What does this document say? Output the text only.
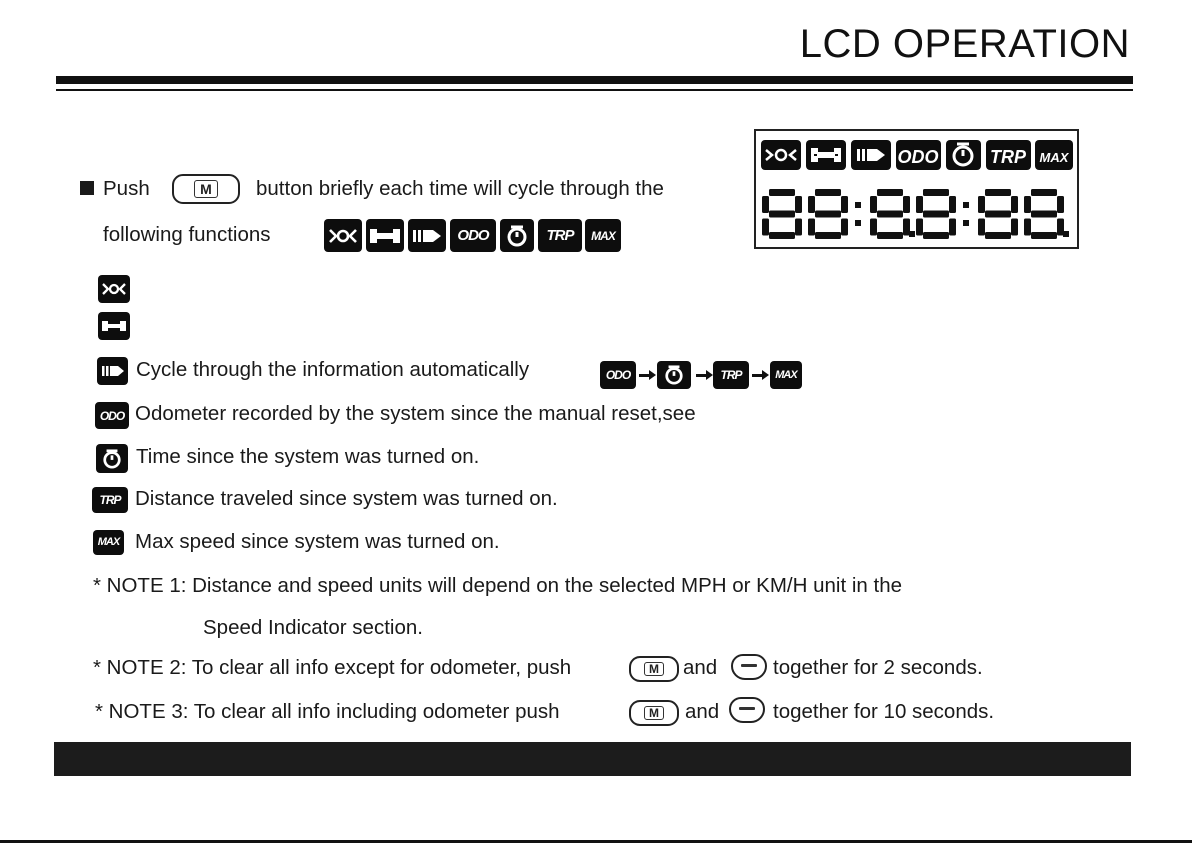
LCD OPERATION
ODO	TRP MAX
Push	M button briefly each time will cycle through the
following functions	ODO	TRP MAX
Cycle through the information automatically	ODO	TRP	MAX
ODO Odometer recorded by the system since the manual reset,see
Time since the system was turned on.
TRP Distance traveled since system was turned on.
MAX Max speed since system was turned on.
* NOTE 1: Distance and speed units will depend on the selected MPH or KM/H unit in the
Speed Indicator section.
* NOTE 2: To clear all info except for odometer, push	M and	together for 2 seconds.
* NOTE 3: To clear all info including odometer push	M and	together for 10 seconds.
